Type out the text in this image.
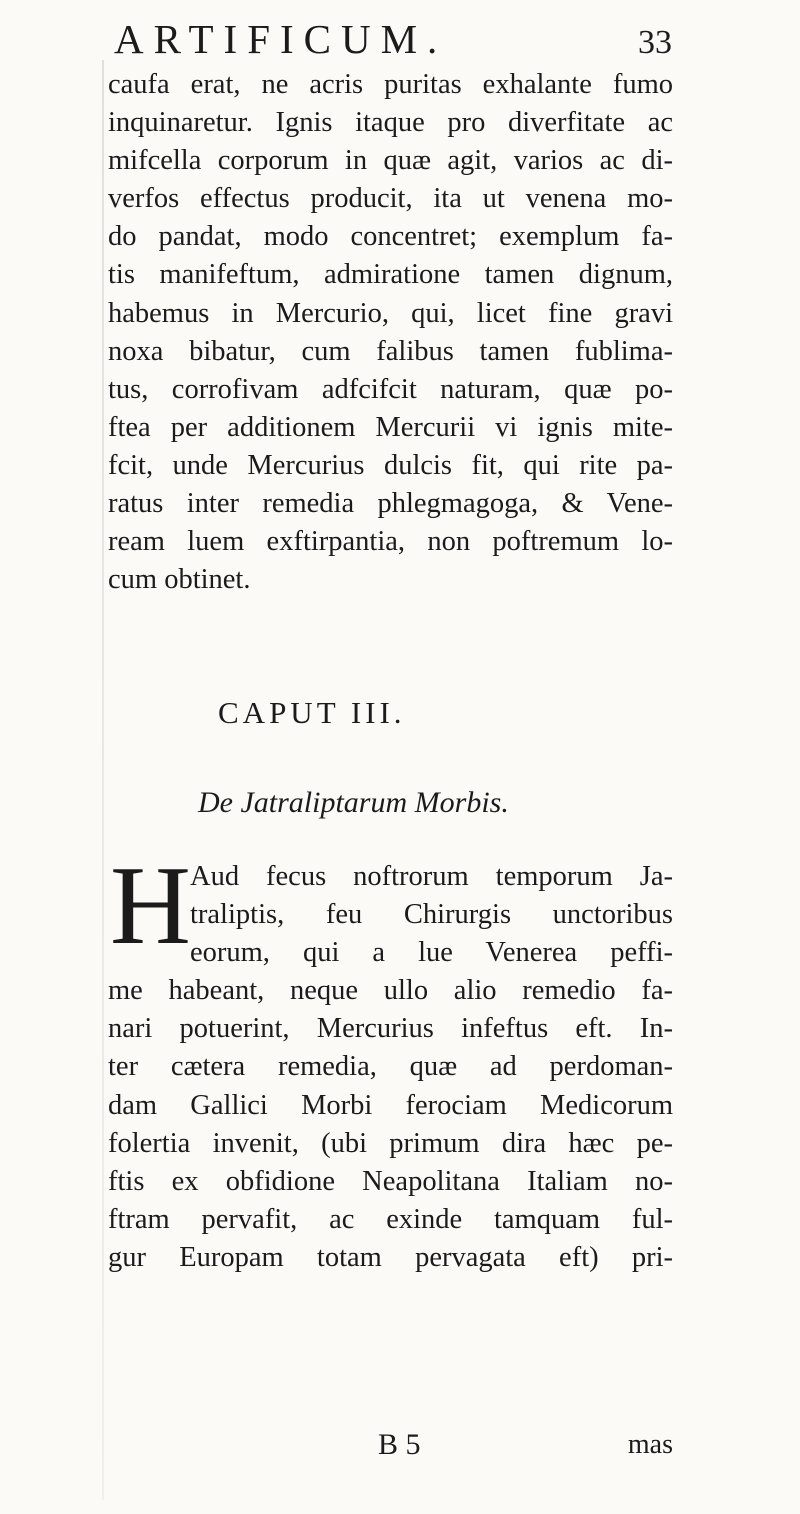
ARTIFICUM.	33
caufa erat, ne acris puritas exhalante fumo
inquinaretur. Ignis itaque pro diverfitate ac
mifcella corporum in quæ agit, varios ac di-
verfos effectus producit, ita ut venena mo-
do pandat, modo concentret; exemplum fa-
tis manifeftum, admiratione tamen dignum,
habemus in Mercurio, qui, licet fine gravi
noxa bibatur, cum falibus tamen fublima-
tus, corrofivam adfcifcit naturam, quæ po-
ftea per additionem Mercurii vi ignis mite-
fcit, unde Mercurius dulcis fit, qui rite pa-
ratus inter remedia phlegmagoga, & Vene-
ream luem exftirpantia, non poftremum lo-
cum obtinet.
CAPUT III.
De Jatraliptarum Morbis.
H Aud fecus noftrorum temporum Ja-
traliptis, feu Chirurgis unctoribus
eorum, qui a lue Venerea peffi-
me habeant, neque ullo alio remedio fa-
nari potuerint, Mercurius infeftus eft. In-
ter cætera remedia, quæ ad perdoman-
dam Gallici Morbi ferociam Medicorum
folertia invenit, (ubi primum dira hæc pe-
ftis ex obfidione Neapolitana Italiam no-
ftram pervafit, ac exinde tamquam ful-
gur Europam totam pervagata eft) pri-
B 5	mas
